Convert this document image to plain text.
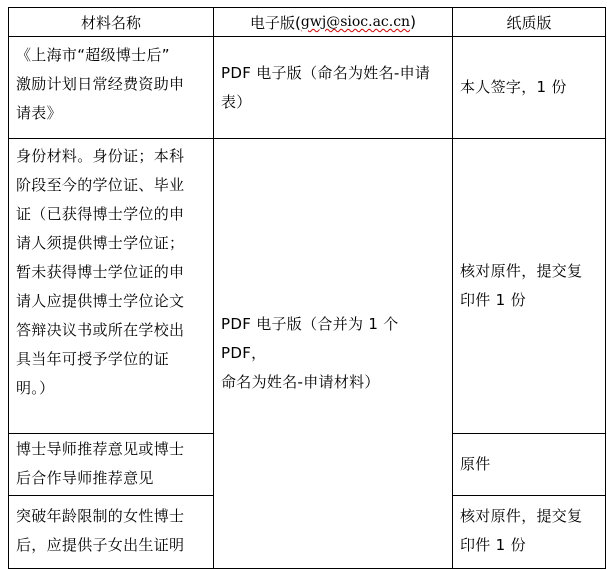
材料名称	电子版( gwj@sioc.ac.cn )	纸质版
《上海市“超级博士后”
激励计划日常经费资助申
请表》
PDF 电子版（命名为姓名-申请
表）
本人签字，1 份
身份材料。身份证；本科
阶段至今的学位证、毕业
证（已获得博士学位的申
请人须提供博士学位证；
暂未获得博士学位证的申
请人应提供博士学位论文
答辩决议书或所在学校出
具当年可授予学位的证
明。）
核对原件，提交复
印件 1 份
PDF 电子版（合并为 1 个 PDF，
命名为姓名-申请材料）
博士导师推荐意见或博士
后合作导师推荐意见
原件
突破年龄限制的女性博士
后，应提供子女出生证明
核对原件，提交复
印件 1 份
